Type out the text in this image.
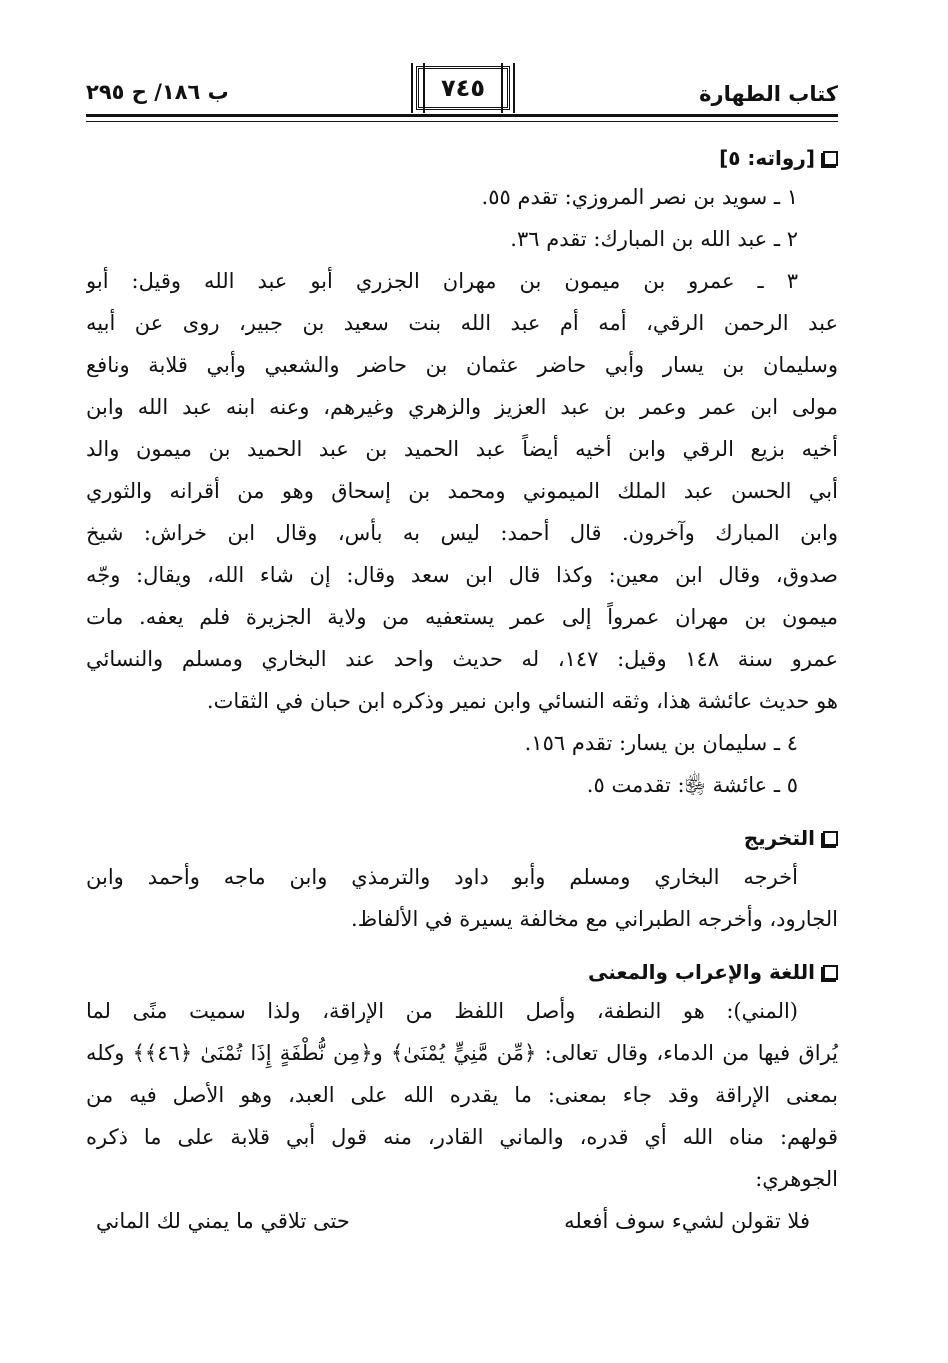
كتاب الطهارة
٧٤٥
ب ١٨٦/ ح ٢٩٥
[رواته: ٥]
١ ـ سويد بن نصر المروزي: تقدم ٥٥.
٢ ـ عبد الله بن المبارك: تقدم ٣٦.
٣ ـ عمرو بن ميمون بن مهران الجزري أبو عبد الله وقيل: أبو
عبد الرحمن الرقي، أمه أم عبد الله بنت سعيد بن جبير، روى عن أبيه
وسليمان بن يسار وأبي حاضر عثمان بن حاضر والشعبي وأبي قلابة ونافع
مولى ابن عمر وعمر بن عبد العزيز والزهري وغيرهم، وعنه ابنه عبد الله وابن
أخيه بزيع الرقي وابن أخيه أيضاً عبد الحميد بن عبد الحميد بن ميمون والد
أبي الحسن عبد الملك الميموني ومحمد بن إسحاق وهو من أقرانه والثوري
وابن المبارك وآخرون. قال أحمد: ليس به بأس، وقال ابن خراش: شيخ
صدوق، وقال ابن معين: وكذا قال ابن سعد وقال: إن شاء الله، ويقال: وجّه
ميمون بن مهران عمرواً إلى عمر يستعفيه من ولاية الجزيرة فلم يعفه. مات
عمرو سنة ١٤٨ وقيل: ١٤٧، له حديث واحد عند البخاري ومسلم والنسائي
هو حديث عائشة هذا، وثقه النسائي وابن نمير وذكره ابن حبان في الثقات.
٤ ـ سليمان بن يسار: تقدم ١٥٦.
٥ ـ عائشة ﵂: تقدمت ٥.
التخريج
أخرجه البخاري ومسلم وأبو داود والترمذي وابن ماجه وأحمد وابن
الجارود، وأخرجه الطبراني مع مخالفة يسيرة في الألفاظ.
اللغة والإعراب والمعنى
(المني): هو النطفة، وأصل اللفظ من الإراقة، ولذا سميت منًى لما
يُراق فيها من الدماء، وقال تعالى: ﴿مِّن مَّنِيٍّ يُمْنَىٰ﴾ و﴿مِن نُّطْفَةٍ إِذَا تُمْنَىٰ ﴿٤٦﴾﴾ وكله
بمعنى الإراقة وقد جاء بمعنى: ما يقدره الله على العبد، وهو الأصل فيه من
قولهم: مناه الله أي قدره، والماني القادر، منه قول أبي قلابة على ما ذكره
الجوهري:
فلا تقولن لشيء سوف أفعله
حتى تلاقي ما يمني لك الماني
